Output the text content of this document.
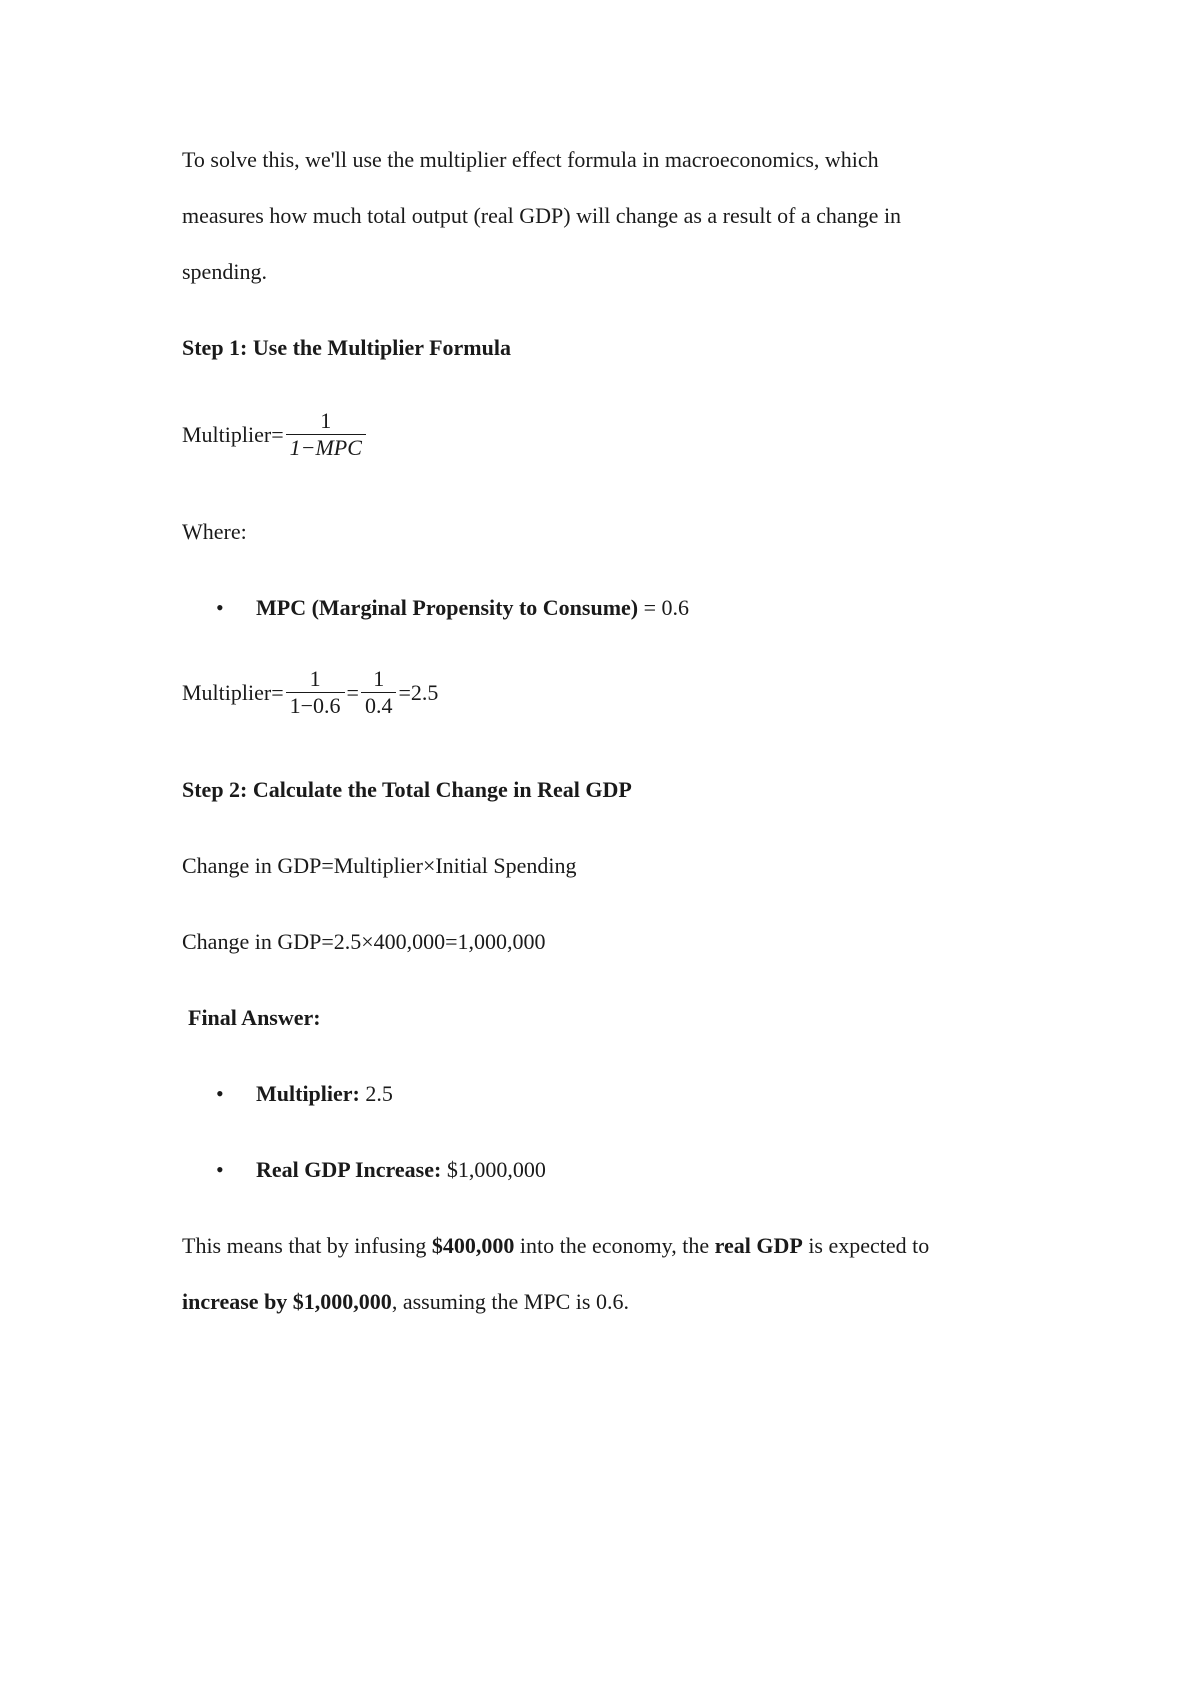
To solve this, we'll use the multiplier effect formula in macroeconomics, which
measures how much total output (real GDP) will change as a result of a change in
spending.
Step 1: Use the Multiplier Formula
Multiplier= $\frac{1}{\text{1−MPC}}$
Where:
• MPC (Marginal Propensity to Consume) = 0.6
Multiplier= $\frac{1}{1-0.6} = \frac{1}{0.4} =2.5$
Step 2: Calculate the Total Change in Real GDP
Change in GDP=Multiplier×Initial Spending
Change in GDP=2.5×400,000=1,000,000
Final Answer:
• Multiplier: 2.5
• Real GDP Increase: $1,000,000
This means that by infusing $400,000 into the economy, the real GDP is expected to
increase by $1,000,000, assuming the MPC is 0.6.
